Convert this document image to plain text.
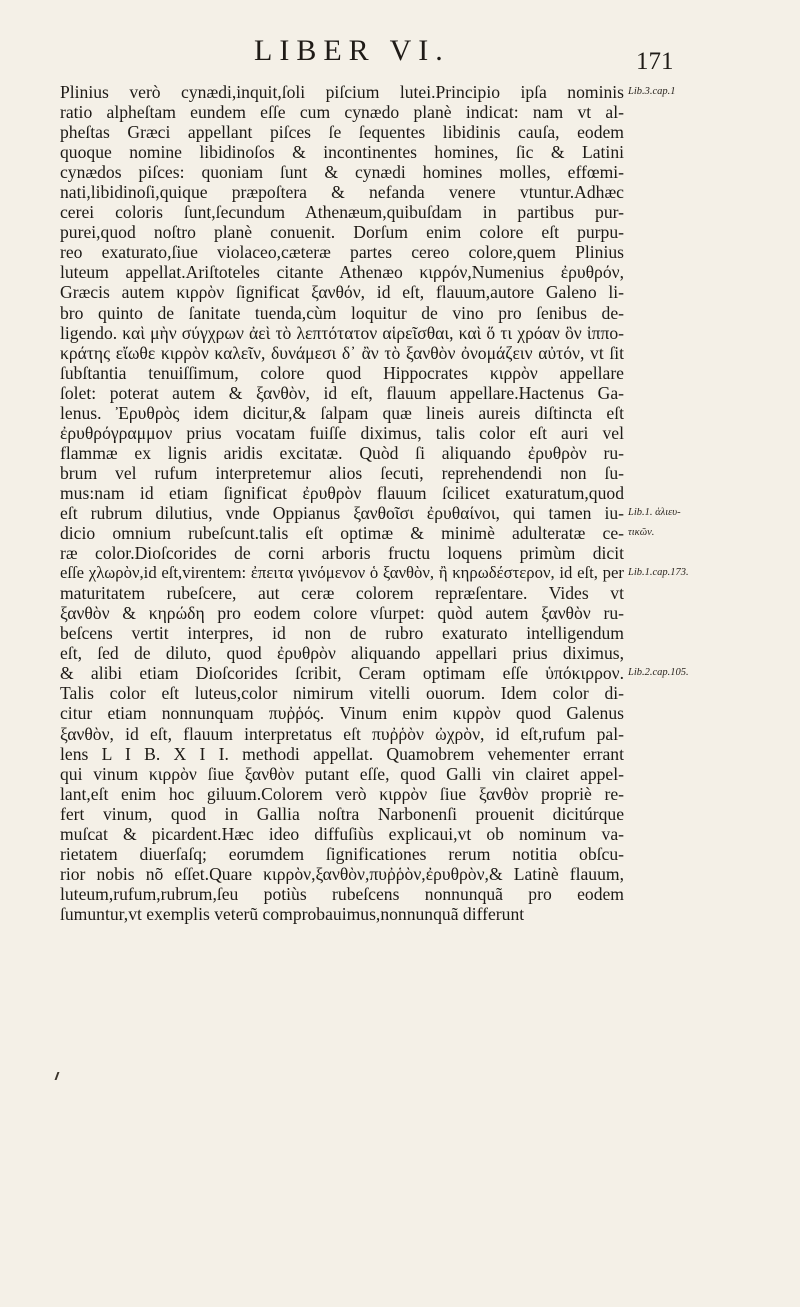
LIBER VI.	171
Plinius verò cynædi,inquit,ſoli piſcium lutei.Principio ipſa nominis
ratio alpheſtam eundem eſſe cum cynædo planè indicat: nam vt al-
pheſtas Græci appellant piſces ſe ſequentes libidinis cauſa, eodem
quoque nomine libidinoſos & incontinentes homines, ſic & Latini
cynædos piſces: quoniam ſunt & cynædi homines molles, effœmi-
nati,libidinoſi,quique præpoſtera & nefanda venere vtuntur.Adhæc
cerei coloris ſunt,ſecundum Athenæum,quibuſdam in partibus pur-
purei,quod noſtro planè conuenit. Dorſum enim colore eſt purpu-
reo exaturato,ſiue violaceo,cæteræ partes cereo colore,quem Plinius
luteum appellat.Ariſtoteles citante Athenæo κιρρόν,Numenius ἐρυθρόν,
Græcis autem κιρρὸν ſignificat ξανθόν, id eſt, flauum,autore Galeno li-
bro quinto de ſanitate tuenda,cùm loquitur de vino pro ſenibus de-
ligendo. καὶ μὴν σύγχρων ἀεὶ τὸ λεπτότατον αἱρεῖσθαι, καὶ ὅ τι χρόαν ὃν ἱππο-
κράτης εἴωθε κιρρὸν καλεῖν, δυνάμεσι δ᾽ ἂν τὸ ξανθὸν ὀνομάζειν αὐτόν, vt ſit
ſubſtantia tenuiſſimum, colore quod Hippocrates κιρρὸν appellare
ſolet: poterat autem & ξανθὸν, id eſt, flauum appellare.Hactenus Ga-
lenus. Ἐρυθρὸς idem dicitur,& ſalpam quæ lineis aureis diſtincta eſt
ἐρυθρόγραμμον prius vocatam fuiſſe diximus, talis color eſt auri vel
flammæ ex lignis aridis excitatæ. Quòd ſi aliquando ἐρυθρὸν ru-
brum vel rufum interpretemur alios ſecuti, reprehendendi non ſu-
mus:nam id etiam ſignificat ἐρυθρὸν flauum ſcilicet exaturatum,quod
eſt rubrum dilutius, vnde Oppianus ξανθοῖσι ἐρυθαίνοι, qui tamen iu-
dicio omnium rubeſcunt.talis eſt optimæ & minimè adulteratæ ce-
ræ color.Dioſcorides de corni arboris fructu loquens primùm dicit
eſſe χλωρὸν,id eſt,virentem: ἐπειτα γινόμενον ὁ ξανθὸν, ἢ κηρωδέστερον, id eſt, per
maturitatem rubeſcere, aut ceræ colorem repræſentare. Vides vt
ξανθὸν & κηρώδη pro eodem colore vſurpet: quòd autem ξανθὸν ru-
beſcens vertit interpres, id non de rubro exaturato intelligendum
eſt, ſed de diluto, quod ἐρυθρὸν aliquando appellari prius diximus,
& alibi etiam Dioſcorides ſcribit, Ceram optimam eſſe ὑπόκιρρον.
Talis color eſt luteus,color nimirum vitelli ouorum. Idem color di-
citur etiam nonnunquam πυῤῥός. Vinum enim κιρρὸν quod Galenus
ξανθὸν, id eſt, flauum interpretatus eſt πυῤῥὸν ὠχρὸν, id eſt,rufum pal-
lens L I B. X I I. methodi appellat. Quamobrem vehementer errant
qui vinum κιρρὸν ſiue ξανθὸν putant eſſe, quod Galli vin clairet appel-
lant,eſt enim hoc giluum.Colorem verò κιρρὸν ſiue ξανθὸν propriè re-
fert vinum, quod in Gallia noſtra Narbonenſi prouenit dicitúrque
muſcat & picardent.Hæc ideo diffuſiùs explicaui,vt ob nominum va-
rietatem diuerſaſq; eorumdem ſignificationes rerum notitia obſcu-
rior nobis nõ eſſet.Quare κιρρὸν,ξανθὸν,πυῤῥὸν,ἐρυθρὸν,& Latinè flauum,
luteum,rufum,rubrum,ſeu potiùs rubeſcens nonnunquã pro eodem
ſumuntur,vt exemplis veterũ comprobauimus,nonnunquã differunt
Lib.3.cap.1
Lib.1. ἁλιευ-
τικῶν.
Lib.1.cap.173.
Lib.2.cap.105.
